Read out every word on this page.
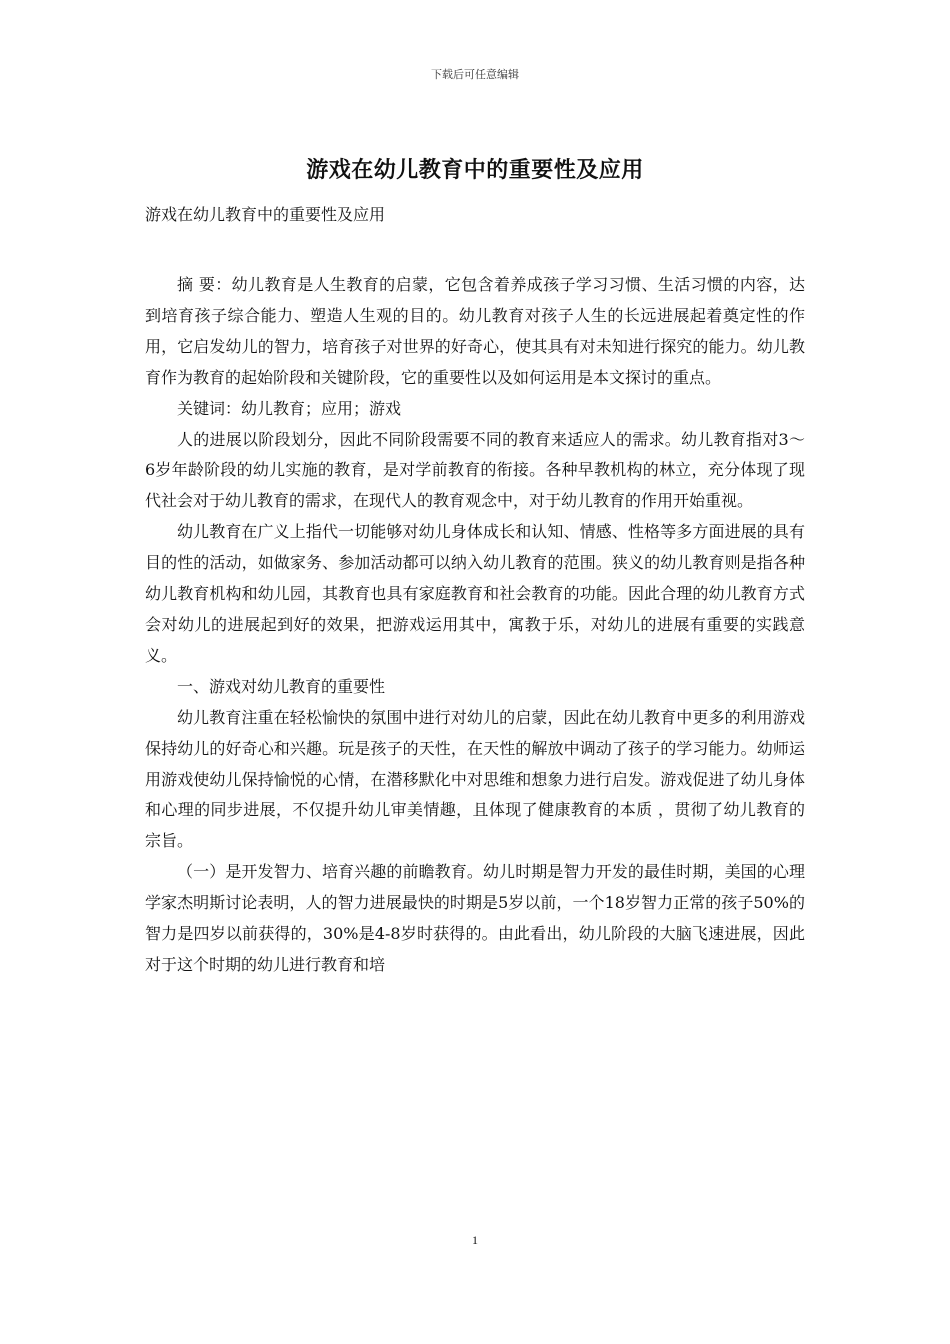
下载后可任意编辑
游戏在幼儿教育中的重要性及应用
游戏在幼儿教育中的重要性及应用

摘 要：幼儿教育是人生教育的启蒙，它包含着养成孩子学习习惯、生活习惯的内容，达到培育孩子综合能力、塑造人生观的目的。幼儿教育对孩子人生的长远进展起着奠定性的作用，它启发幼儿的智力，培育孩子对世界的好奇心，使其具有对未知进行探究的能力。幼儿教育作为教育的起始阶段和关键阶段，它的重要性以及如何运用是本文探讨的重点。

关键词：幼儿教育；应用；游戏

人的进展以阶段划分，因此不同阶段需要不同的教育来适应人的需求。幼儿教育指对3～6岁年龄阶段的幼儿实施的教育，是对学前教育的衔接。各种早教机构的林立，充分体现了现代社会对于幼儿教育的需求，在现代人的教育观念中，对于幼儿教育的作用开始重视。

幼儿教育在广义上指代一切能够对幼儿身体成长和认知、情感、性格等多方面进展的具有目的性的活动，如做家务、参加活动都可以纳入幼儿教育的范围。狭义的幼儿教育则是指各种幼儿教育机构和幼儿园，其教育也具有家庭教育和社会教育的功能。因此合理的幼儿教育方式会对幼儿的进展起到好的效果，把游戏运用其中，寓教于乐，对幼儿的进展有重要的实践意义。

一、游戏对幼儿教育的重要性

幼儿教育注重在轻松愉快的氛围中进行对幼儿的启蒙，因此在幼儿教育中更多的利用游戏保持幼儿的好奇心和兴趣。玩是孩子的天性，在天性的解放中调动了孩子的学习能力。幼师运用游戏使幼儿保持愉悦的心情，在潜移默化中对思维和想象力进行启发。游戏促进了幼儿身体和心理的同步进展，不仅提升幼儿审美情趣，且体现了健康教育的本质 ，贯彻了幼儿教育的宗旨。

（一）是开发智力、培育兴趣的前瞻教育。幼儿时期是智力开发的最佳时期，美国的心理学家杰明斯讨论表明，人的智力进展最快的时期是5岁以前，一个18岁智力正常的孩子50%的智力是四岁以前获得的，30%是4-8岁时获得的。由此看出，幼儿阶段的大脑飞速进展，因此对于这个时期的幼儿进行教育和培

1
